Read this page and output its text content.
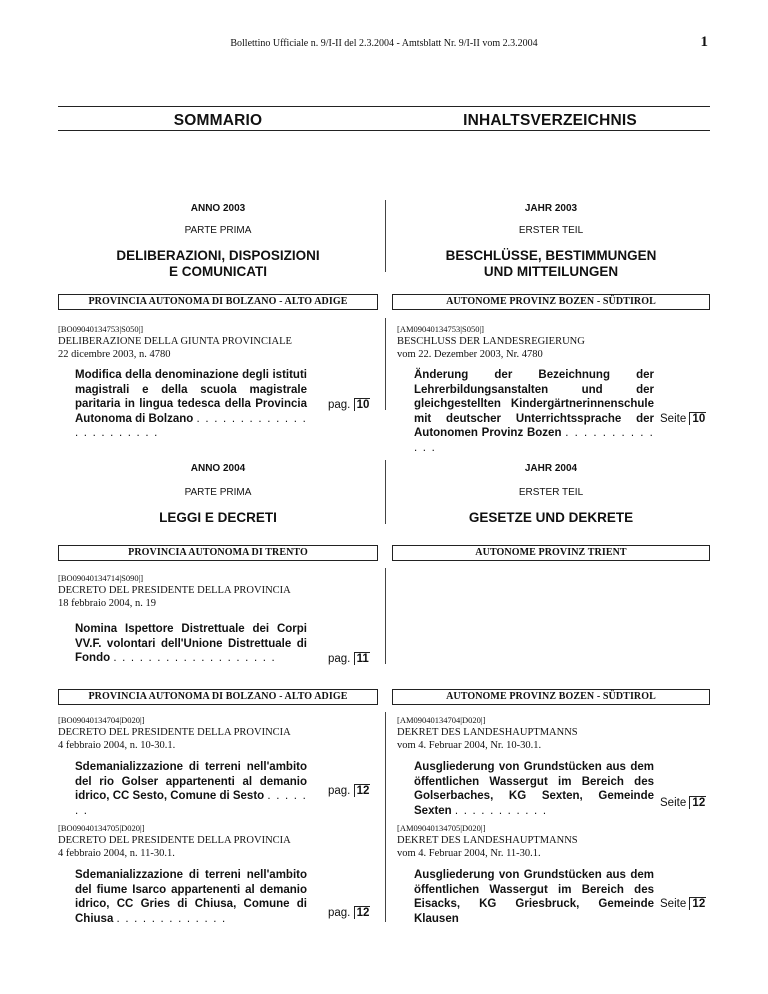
Bollettino Ufficiale n. 9/I-II del 2.3.2004 - Amtsblatt Nr. 9/I-II vom 2.3.2004	1
SOMMARIO	INHALTSVERZEICHNIS
ANNO 2003	JAHR 2003
PARTE PRIMA	ERSTER TEIL
DELIBERAZIONI, DISPOSIZIONI
E COMUNICATI
BESCHLÜSSE, BESTIMMUNGEN
UND MITTEILUNGEN
PROVINCIA AUTONOMA DI BOLZANO - ALTO ADIGE	AUTONOME PROVINZ BOZEN - SÜDTIROL
[BO09040134753|S050|]
DELIBERAZIONE DELLA GIUNTA PROVINCIALE
22 dicembre 2003, n. 4780
Modifica della denominazione degli istituti magistrali e della scuola magistrale paritaria in lingua tedesca della Provincia Autonoma di Bolzano . . . . . . . . . . . . . . . . . . . . . . .
pag. 10
[AM09040134753|S050|]
BESCHLUSS DER LANDESREGIERUNG
vom 22. Dezember 2003, Nr. 4780
Änderung der Bezeichnung der Lehrerbildungsanstalten und der gleichgestellten Kindergärtnerinnenschule mit deutscher Unterrichtssprache der Autonomen Provinz Bozen . . . . . . . . . . . . .
Seite 10
ANNO 2004	JAHR 2004
PARTE PRIMA	ERSTER TEIL
LEGGI E DECRETI	GESETZE UND DEKRETE
PROVINCIA AUTONOMA DI TRENTO	AUTONOME PROVINZ TRIENT
[BO09040134714|S090|]
DECRETO DEL PRESIDENTE DELLA PROVINCIA
18 febbraio 2004, n. 19
Nomina Ispettore Distrettuale dei Corpi VV.F. volontari dell'Unione Distrettuale di Fondo . . . . . . . . . . . . . . . . . . .	pag. 11
PROVINCIA AUTONOMA DI BOLZANO - ALTO ADIGE	AUTONOME PROVINZ BOZEN - SÜDTIROL
[BO09040134704|D020|]
DECRETO DEL PRESIDENTE DELLA PROVINCIA
4 febbraio 2004, n. 10-30.1.
Sdemanializzazione di terreni nell'ambito del rio Golser appartenenti al demanio idrico, CC Sesto, Comune di Sesto . . . . . . .
pag. 12
[AM09040134704|D020|]
DEKRET DES LANDESHAUPTMANNS
vom 4. Februar 2004, Nr. 10-30.1.
Ausgliederung von Grundstücken aus dem öffentlichen Wassergut im Bereich des Golserbaches, KG Sexten, Gemeinde Sexten . . . . . . . . . . .
Seite 12
[BO09040134705|D020|]
DECRETO DEL PRESIDENTE DELLA PROVINCIA
4 febbraio 2004, n. 11-30.1.
Sdemanializzazione di terreni nell'ambito del fiume Isarco appartenenti al demanio idrico, CC Gries di Chiusa, Comune di Chiusa . . . . . . . . . . . . .	pag. 12
[AM09040134705|D020|]
DEKRET DES LANDESHAUPTMANNS
vom 4. Februar 2004, Nr. 11-30.1.
Ausgliederung von Grundstücken aus dem öffentlichen Wassergut im Bereich des Eisacks, KG Griesbruck, Gemeinde Klausen
Seite 12
